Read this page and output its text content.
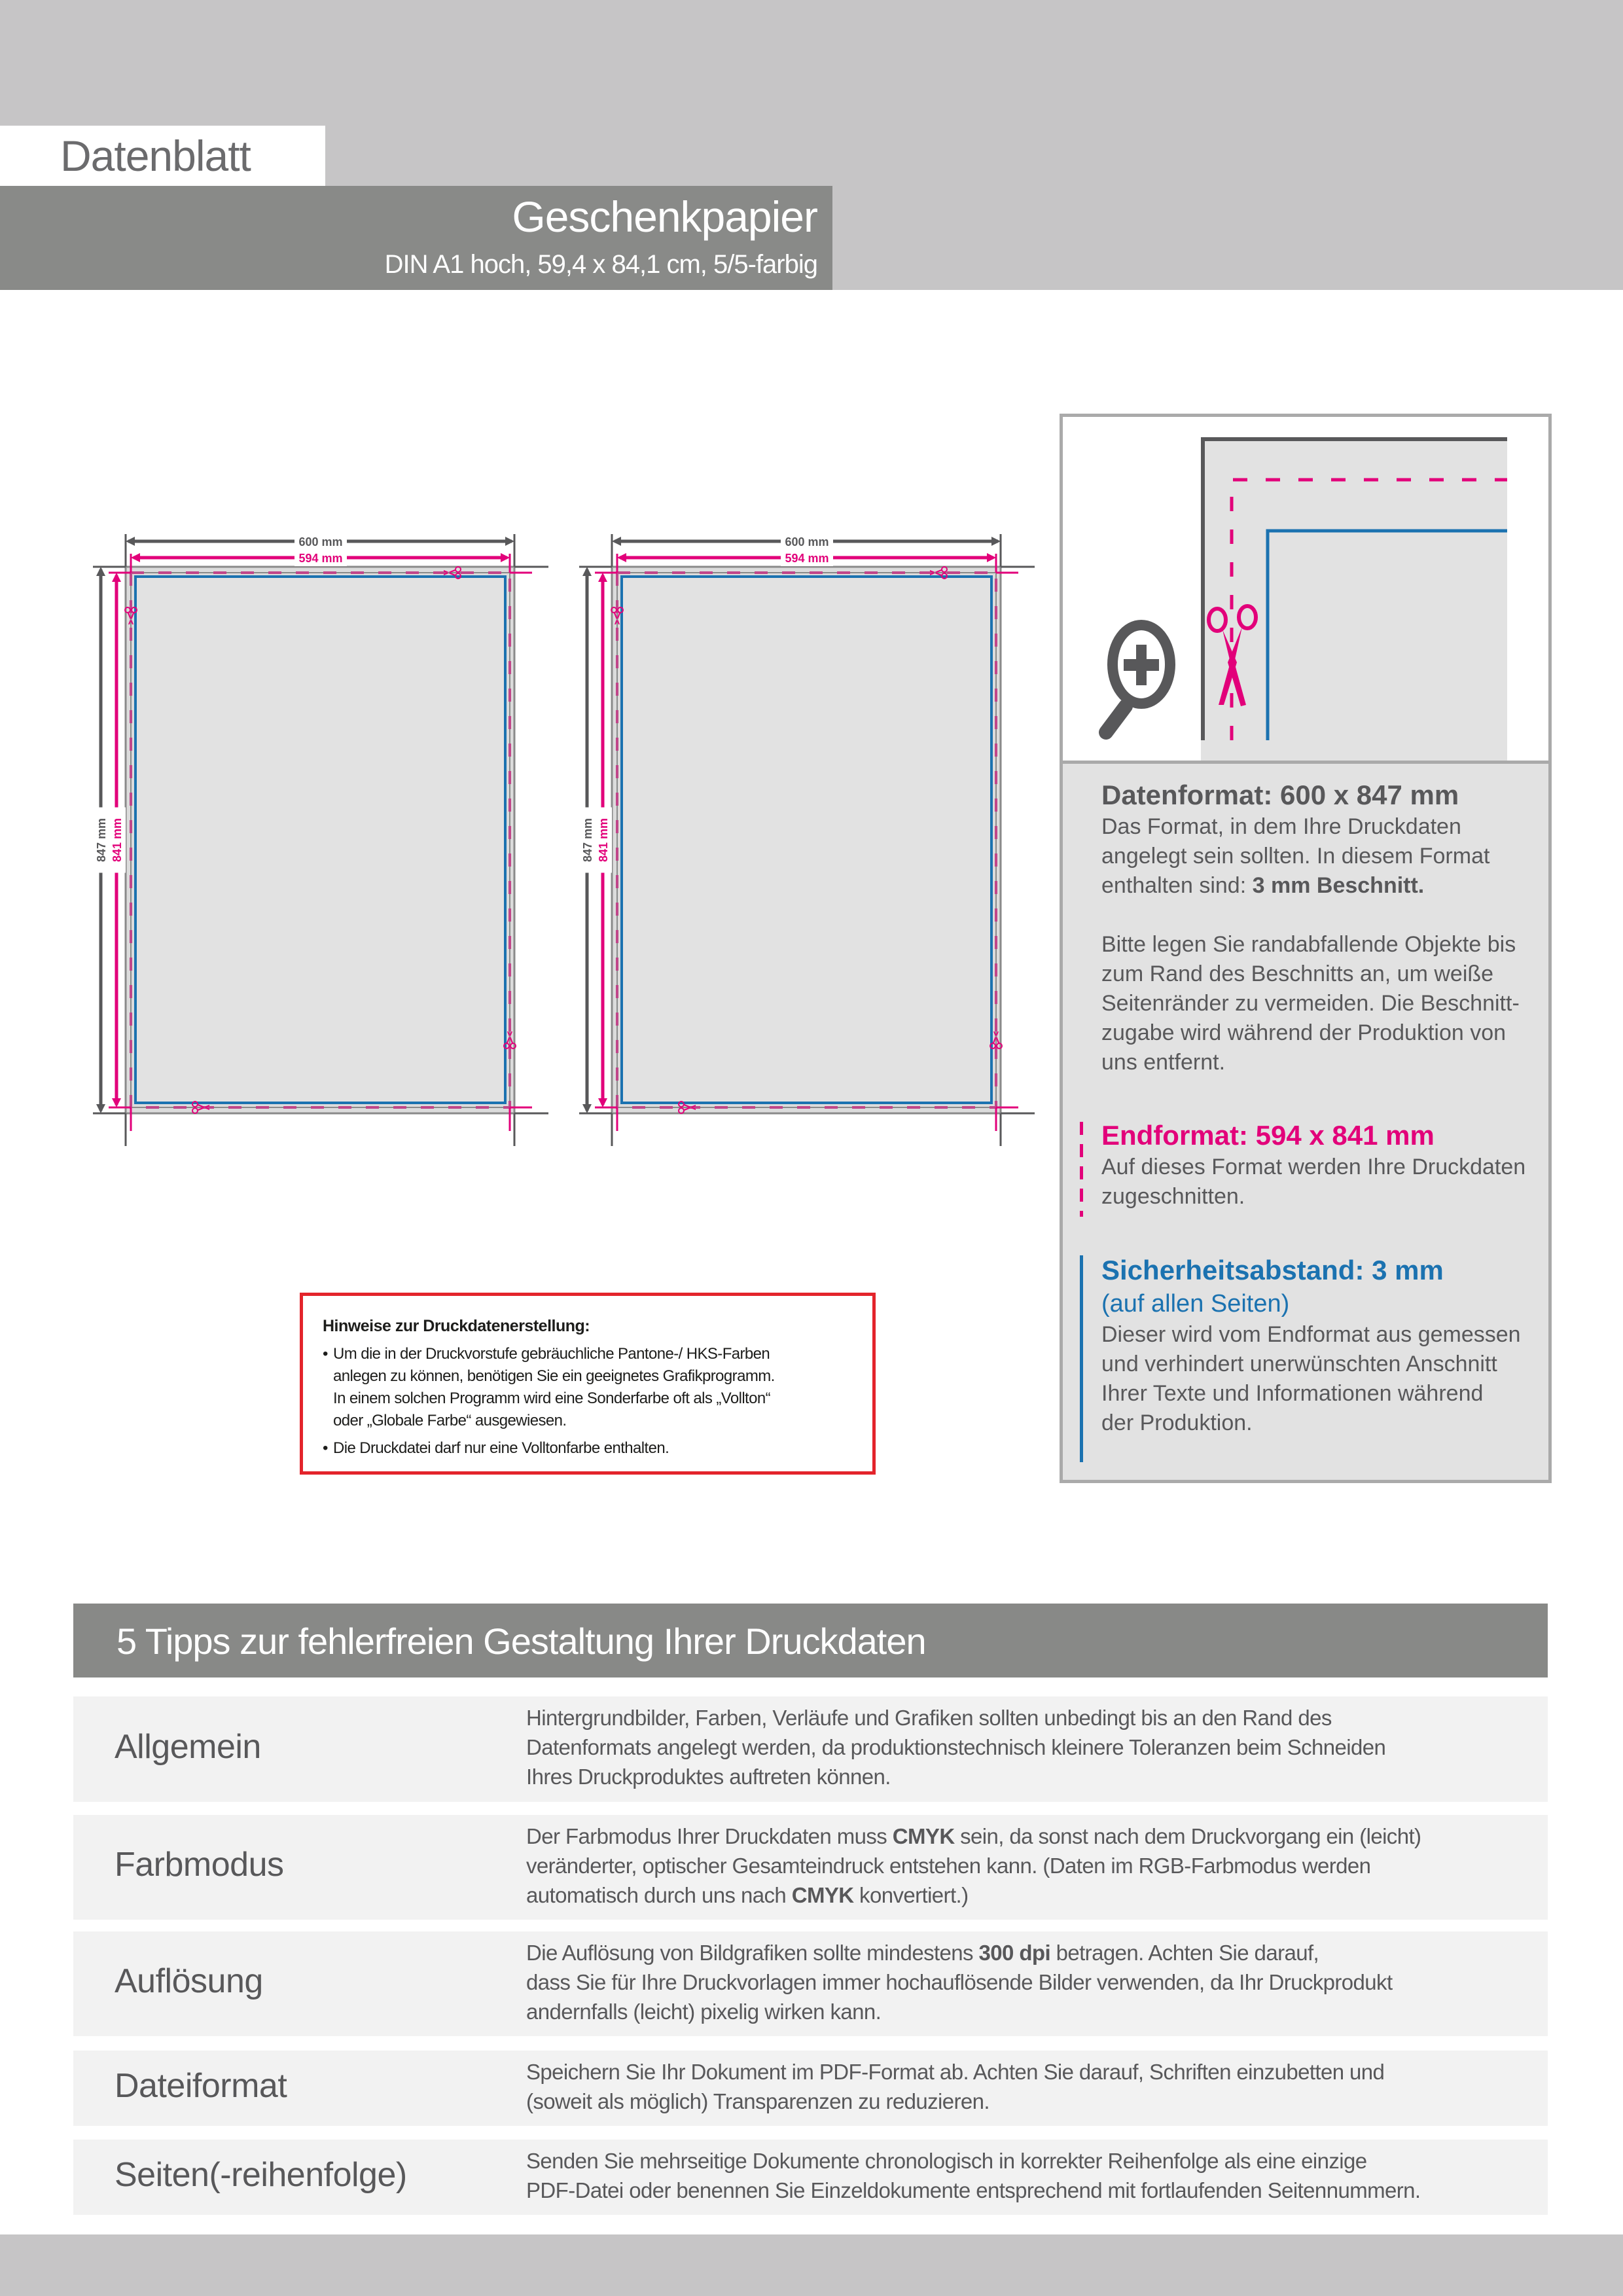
Datenblatt
Geschenkpapier
DIN A1 hoch, 59,4 x 84,1 cm, 5/5-farbig
600 mm
594 mm
847 mm 841 mm
600 mm
594 mm
847 mm 841 mm
Datenformat: 600 x 847 mm
Das Format, in dem Ihre Druckdaten
angelegt sein sollten. In diesem Format
enthalten sind: 3 mm Beschnitt.
Bitte legen Sie randabfallende Objekte bis
zum Rand des Beschnitts an, um weiße
Seitenränder zu vermeiden. Die Beschnitt-
zugabe wird während der Produktion von
uns entfernt.
Endformat: 594 x 841 mm
Auf dieses Format werden Ihre Druckdaten
zugeschnitten.
Sicherheitsabstand: 3 mm
(auf allen Seiten)
Dieser wird vom Endformat aus gemessen
und verhindert unerwünschten Anschnitt
Ihrer Texte und Informationen während
der Produktion.
Hinweise zur Druckdatenerstellung:
• Um die in der Druckvorstufe gebräuchliche Pantone-/ HKS-Farben
anlegen zu können, benötigen Sie ein geeignetes Grafikprogramm.
In einem solchen Programm wird eine Sonderfarbe oft als „Vollton“
oder „Globale Farbe“ ausgewiesen.
• Die Druckdatei darf nur eine Volltonfarbe enthalten.
5 Tipps zur fehlerfreien Gestaltung Ihrer Druckdaten
Allgemein
Hintergrundbilder, Farben, Verläufe und Grafiken sollten unbedingt bis an den Rand des
Datenformats angelegt werden, da produktionstechnisch kleinere Toleranzen beim Schneiden
Ihres Druckproduktes auftreten können.
Farbmodus
Der Farbmodus Ihrer Druckdaten muss CMYK sein, da sonst nach dem Druckvorgang ein (leicht)
veränderter, optischer Gesamteindruck entstehen kann. (Daten im RGB-Farbmodus werden
automatisch durch uns nach CMYK konvertiert.)
Auflösung
Die Auflösung von Bildgrafiken sollte mindestens 300 dpi betragen. Achten Sie darauf,
dass Sie für Ihre Druckvorlagen immer hochauflösende Bilder verwenden, da Ihr Druckprodukt
andernfalls (leicht) pixelig wirken kann.
Dateiformat	Speichern Sie Ihr Dokument im PDF-Format ab. Achten Sie darauf, Schriften einzubetten und
(soweit als möglich) Transparenzen zu reduzieren.
Seiten(-reihenfolge)	Senden Sie mehrseitige Dokumente chronologisch in korrekter Reihenfolge als eine einzige
PDF-Datei oder benennen Sie Einzeldokumente entsprechend mit fortlaufenden Seitennummern.
